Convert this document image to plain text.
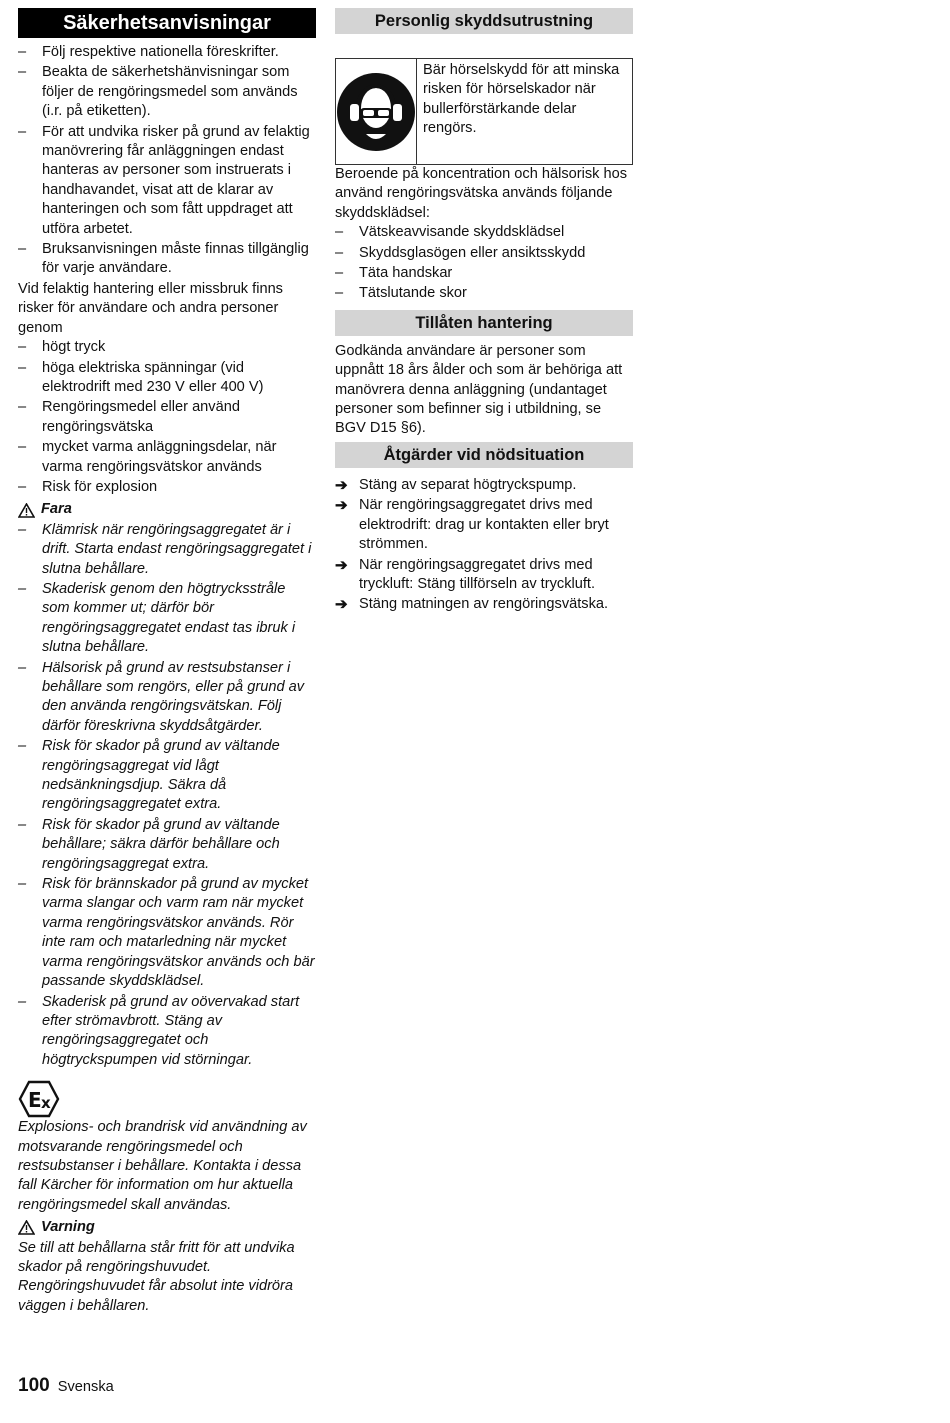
Säkerhetsanvisningar
– Följ respektive nationella föreskrifter.
– Beakta de säkerhetshänvisningar som följer de rengöringsmedel som används (i.r. på etiketten).
– För att undvika risker på grund av felaktig manövrering får anläggningen endast hanteras av personer som instruerats i handhavandet, visat att de klarar av hanteringen och som fått uppdraget att utföra arbetet.
– Bruksanvisningen måste finnas tillgänglig för varje användare.

Vid felaktig hantering eller missbruk finns risker för användare och andra personer genom

– högt tryck
– höga elektriska spänningar (vid elektrodrift med 230 V eller 400 V)
– Rengöringsmedel eller använd rengöringsvätska
– mycket varma anläggningsdelar, när varma rengöringsvätskor används
– Risk för explosion
Fara
– Klämrisk när rengöringsaggregatet är i drift. Starta endast rengöringsaggregatet i slutna behållare.
– Skaderisk genom den högtrycksstråle som kommer ut; därför bör rengöringsaggregatet endast tas ibruk i slutna behållare.
– Hälsorisk på grund av restsubstanser i behållare som rengörs, eller på grund av den använda rengöringsvätskan. Följ därför föreskrivna skyddsåtgärder.
– Risk för skador på grund av vältande rengöringsaggregat vid lågt nedsänkningsdjup. Säkra då rengöringsaggregatet extra.
– Risk för skador på grund av vältande behållare; säkra därför behållare och rengöringsaggregat extra.
– Risk för brännskador på grund av mycket varma slangar och varm ram när mycket varma rengöringsvätskor används. Rör inte ram och matarledning när mycket varma rengöringsvätskor används och bär passande skyddsklädsel.
– Skaderisk på grund av oövervakad start efter strömavbrott. Stäng av rengöringsaggregatet och högtryckspumpen vid störningar.
E x

Explosions- och brandrisk vid användning av motsvarande rengöringsmedel och restsubstanser i behållare. Kontakta i dessa fall Kärcher för information om hur aktuella rengöringsmedel skall användas.

Varning

Se till att behållarna står fritt för att undvika skador på rengöringshuvudet. Rengöringshuvudet får absolut inte vidröra väggen i behållaren.

Personlig skyddsutrustning
Bär hörselskydd för att minska risken för hörselskador när bullerförstärkande delar rengörs.

Beroende på koncentration och hälsorisk hos använd rengöringsvätska används följande skyddsklädsel:

– Vätskeavvisande skyddsklädsel
– Skyddsglasögen eller ansiktsskydd
– Täta handskar
– Tätslutande skor
Tillåten hantering

Godkända användare är personer som uppnått 18 års ålder och som är behöriga att manövrera denna anläggning (undantaget personer som befinner sig i utbildning, se BGV D15 §6).

Åtgärder vid nödsituation
➔ Stäng av separat högtryckspump.
➔ När rengöringsaggregatet drivs med elektrodrift: drag ur kontakten eller bryt strömmen.
➔ När rengöringsaggregatet drivs med tryckluft: Stäng tillförseln av tryckluft.
➔ Stäng matningen av rengöringsvätska.
100 Svenska
